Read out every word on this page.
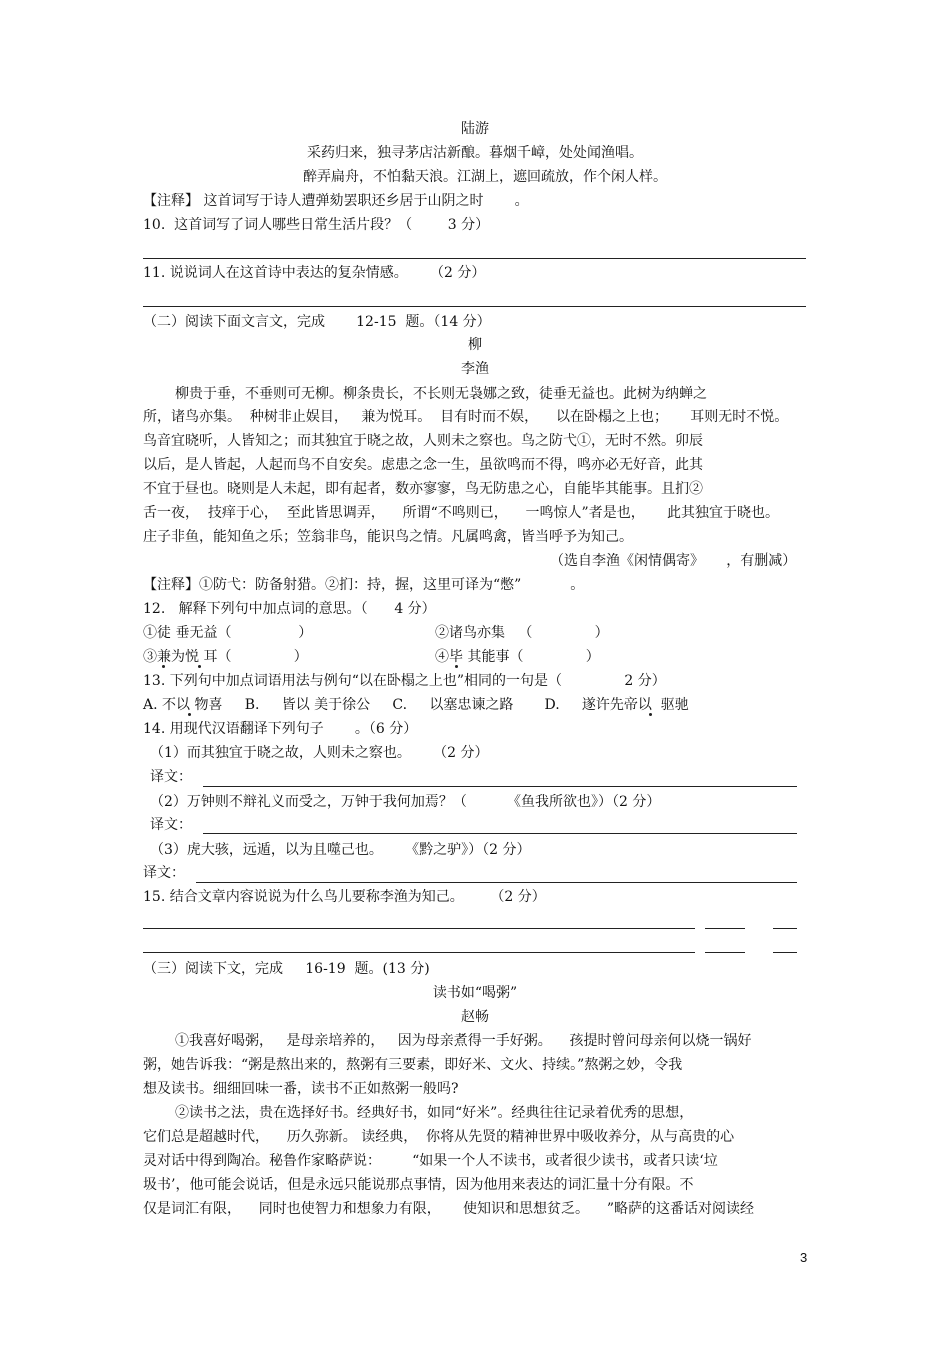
陆游
采药归来，独寻茅店沽新酿。暮烟千嶂，处处闻渔唱。
醉弄扁舟，不怕黏天浪。江湖上，遮回疏放，作个闲人样。
【注释】 这首词写于诗人遭弹劾罢职还乡居于山阴之时       。
10.  这首词写了词人哪些日常生活片段？（        3 分）
11. 说说词人在这首诗中表达的复杂情感。     （2 分）
（二）阅读下面文言文，完成       12-15  题。（14 分）
柳
李渔
柳贵于垂，不垂则可无柳。柳条贵长，不长则无袅娜之致，徒垂无益也。此树为纳蝉之
所，诸鸟亦集。  种树非止娱目，   兼为悦耳。  目有时而不娱，    以在卧榻之上也；     耳则无时不悦。
鸟音宜晓听，人皆知之；而其独宜于晓之故，人则未之察也。鸟之防弋①，无时不然。卯辰
以后，是人皆起，人起而鸟不自安矣。虑患之念一生，虽欲鸣而不得，鸣亦必无好音，此其
不宜于昼也。晓则是人未起，即有起者，数亦寥寥，鸟无防患之心，自能毕其能事。且扪②
舌一夜，  技痒于心，  至此皆思调弄，    所谓“不鸣则已，    一鸣惊人”者是也，     此其独宜于晓也。
庄子非鱼，能知鱼之乐；笠翁非鸟，能识鸟之情。凡属鸣禽，皆当呼予为知己。
（选自李渔《闲情偶寄》     ，有删减）
【注释】①防弋：防备射猎。②扪：持，握，这里可译为“憋”           。
12.   解释下列句中加点词的意思。（      4 分）
①徒 垂无益（               ）	②诸鸟亦集   （              ）
③兼为悦 耳（              ）	④毕 其能事（              ）
13. 下列句中加点词语用法与例句“以在卧榻之上也”相同的一句是（              2 分）
A. 不以 物喜     B.     皆以 美于徐公     C.     以塞忠谏之路       D.     遂许先帝以  驱驰
14. 用现代汉语翻译下列句子       。（6 分）
（1）而其独宜于晓之故，人则未之察也。     （2 分）
译文：
（2）万钟则不辩礼义而受之，万钟于我何加焉？（         《鱼我所欲也》）（2 分）
译文：
（3）虎大骇，远遁，以为且噬己也。     《黔之驴》）（2 分）
译文：
15. 结合文章内容说说为什么鸟儿要称李渔为知己。      （2 分）
（三）阅读下文，完成     16-19  题。(13 分)
读书如“喝粥”
赵畅
①我喜好喝粥，   是母亲培养的，   因为母亲煮得一手好粥。    孩提时曾问母亲何以烧一锅好
粥，她告诉我：“粥是熬出来的，熬粥有三要素，即好米、文火、持续。”熬粥之妙，令我
想及读书。细细回味一番，读书不正如熬粥一般吗?
②读书之法，贵在选择好书。经典好书，如同“好米”。经典往往记录着优秀的思想，
它们总是超越时代，    历久弥新。 读经典，  你将从先贤的精神世界中吸收养分，从与高贵的心
灵对话中得到陶冶。秘鲁作家略萨说：       “如果一个人不读书，或者很少读书，或者只读‘垃
圾书’，他可能会说话，但是永远只能说那点事情，因为他用来表达的词汇量十分有限。不
仅是词汇有限，    同时也使智力和想象力有限，     使知识和思想贫乏。    ”略萨的这番话对阅读经
3
